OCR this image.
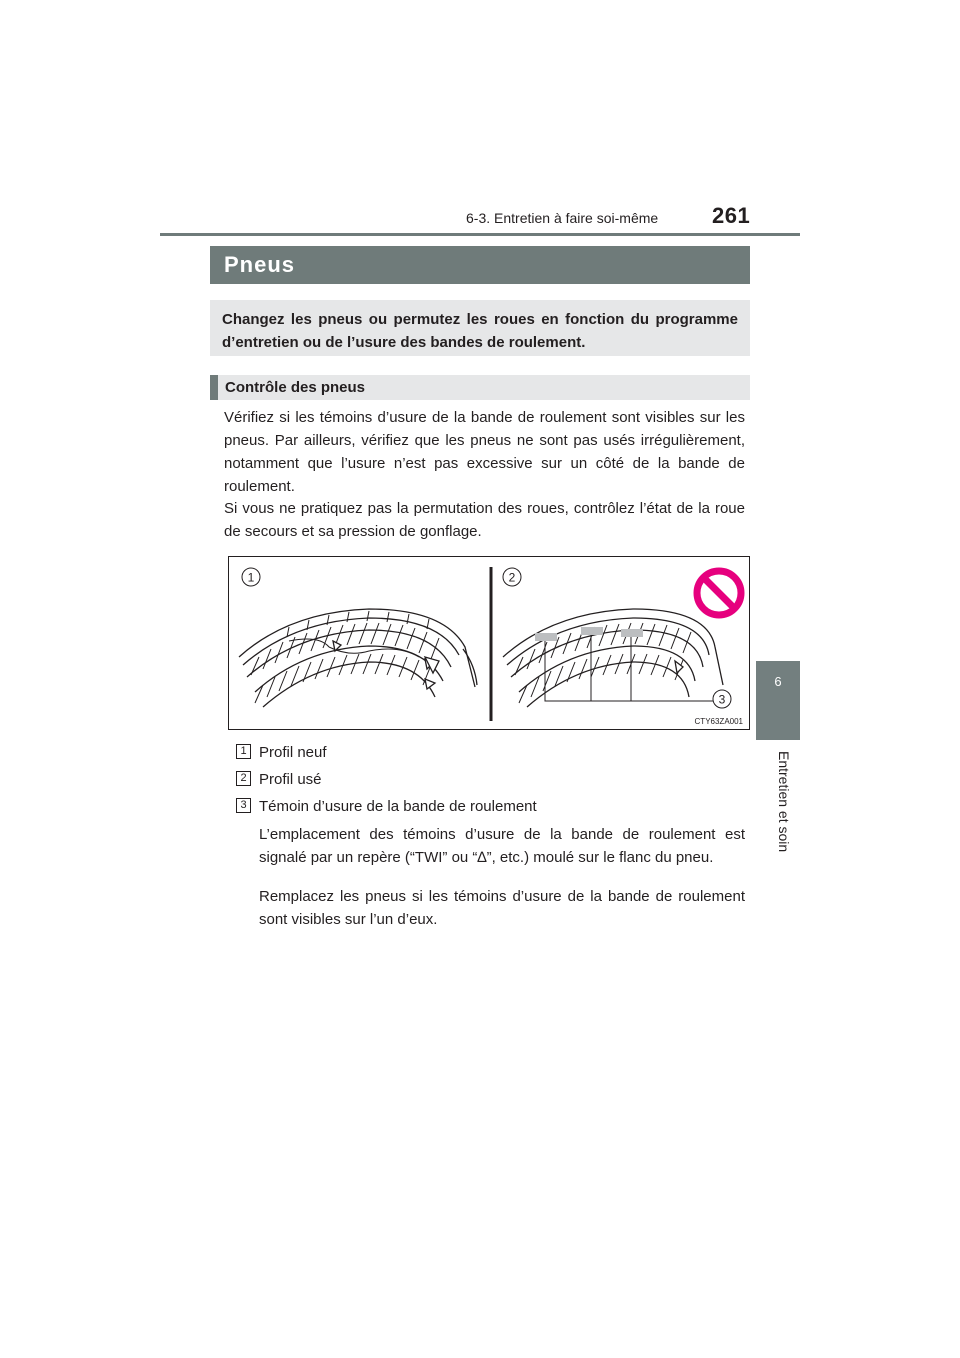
6-3. Entretien à faire soi-même 261
6
Entretien et soin
Pneus
Changez les pneus ou permutez les roues en fonction du programme d’entretien ou de l’usure des bandes de roulement.
Contrôle des pneus
Vérifiez si les témoins d’usure de la bande de roulement sont visibles sur les pneus. Par ailleurs, vérifiez que les pneus ne sont pas usés irrégulièrement, notamment que l’usure n’est pas excessive sur un côté de la bande de roulement.
Si vous ne pratiquez pas la permutation des roues, contrôlez l’état de la roue de secours et sa pression de gonflage.
1	2
3
CTY63ZA001
1 Profil neuf
2 Profil usé
3 Témoin d’usure de la bande de roulement
L’emplacement des témoins d’usure de la bande de roulement est signalé par un repère (“TWI” ou “∆”, etc.) moulé sur le flanc du pneu.
Remplacez les pneus si les témoins d’usure de la bande de roulement sont visibles sur l’un d’eux.
